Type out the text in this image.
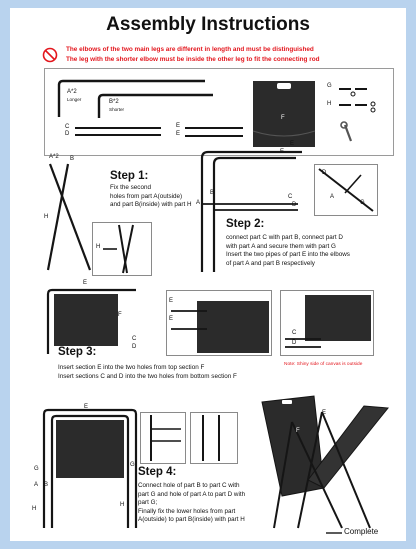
Assembly Instructions
The elbows of the two main legs are different in length and must be distinguished
The leg with the shorter elbow must be inside the other leg to fit the connecting rod
A*2
Longer	B*2
Shorter
C
D
E
E
F
G
H
A*2 B
H
Step 1:
Fix the second
holes from part A(outside)
and part B(inside) with part H
H
E
E
A
B
C
D
D
A
G
Step 2:
connect part C with part B, connect part D
with part A and secure them with part G
Insert the two pipes of part E into the elbows
of part A and part B respectively
E
F
C
D
E
E
C
D
Note: Shiny side of canvas is outside
Step 3:
Insert section E into the two holes from top section F
Insert sections C and D into the two holes from bottom section F
E
G
G
A B
H
H
Step 4:
Connect hole of part B to part C with
part G and hole of part A to part D with
part G;
Finally fix the lower holes from part
A(outside) to part B(inside) with part H
F
E
Complete
